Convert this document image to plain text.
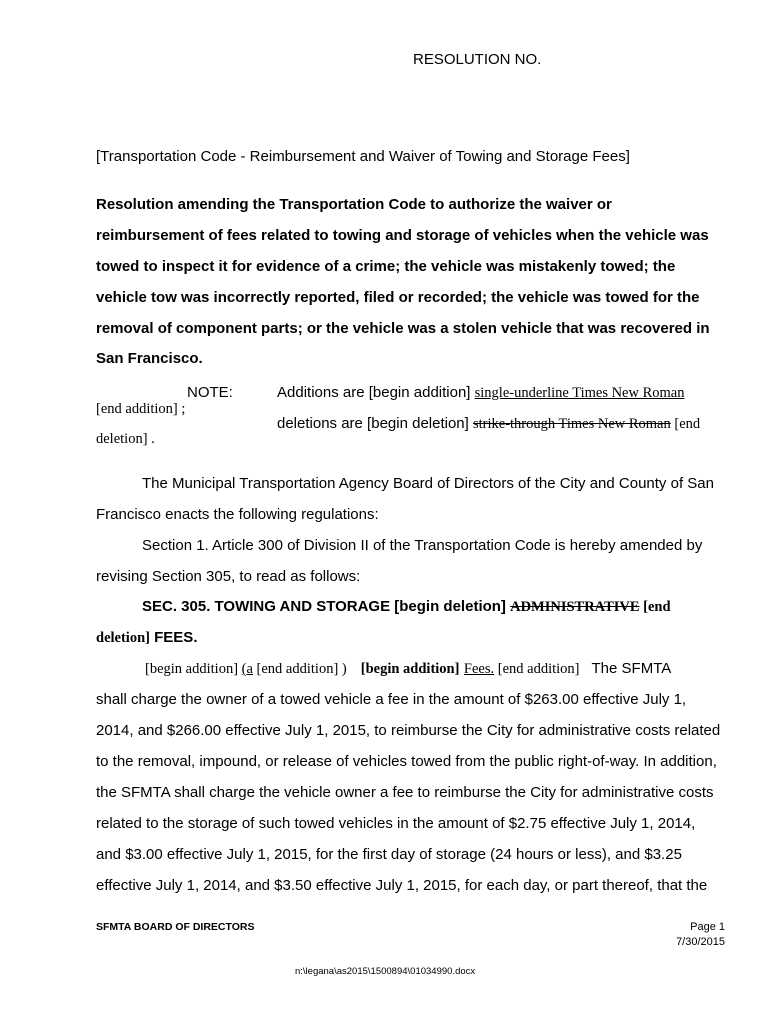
RESOLUTION NO.
[Transportation Code - Reimbursement and Waiver of Towing and Storage Fees]
Resolution amending the Transportation Code to authorize the waiver or
reimbursement of fees related to towing and storage of vehicles when the vehicle was
towed to inspect it for evidence of a crime; the vehicle was mistakenly towed; the
vehicle tow was incorrectly reported, filed or recorded; the vehicle was towed for the
removal of component parts; or the vehicle was a stolen vehicle that was recovered in
San Francisco.
NOTE:	Additions are [begin addition] single-underline Times New Roman
[end addition] ;
deletions are [begin deletion] strike-through Times New Roman [end
deletion] .
The Municipal Transportation Agency Board of Directors of the City and County of San
Francisco enacts the following regulations:
Section 1. Article 300 of Division II of the Transportation Code is hereby amended by
revising Section 305, to read as follows:
SEC. 305. TOWING AND STORAGE [begin deletion] ADMINISTRATIVE [end
deletion] FEES.
[begin addition] (a [end addition] ) [begin addition] Fees. [end addition] The SFMTA
shall charge the owner of a towed vehicle a fee in the amount of $263.00 effective July 1,
2014, and $266.00 effective July 1, 2015, to reimburse the City for administrative costs related
to the removal, impound, or release of vehicles towed from the public right-of-way. In addition,
the SFMTA shall charge the vehicle owner a fee to reimburse the City for administrative costs
related to the storage of such towed vehicles in the amount of $2.75 effective July 1, 2014,
and $3.00 effective July 1, 2015, for the first day of storage (24 hours or less), and $3.25
effective July 1, 2014, and $3.50 effective July 1, 2015, for each day, or part thereof, that the
SFMTA BOARD OF DIRECTORS	Page 1
7/30/2015
n:\legana\as2015\1500894\01034990.docx
